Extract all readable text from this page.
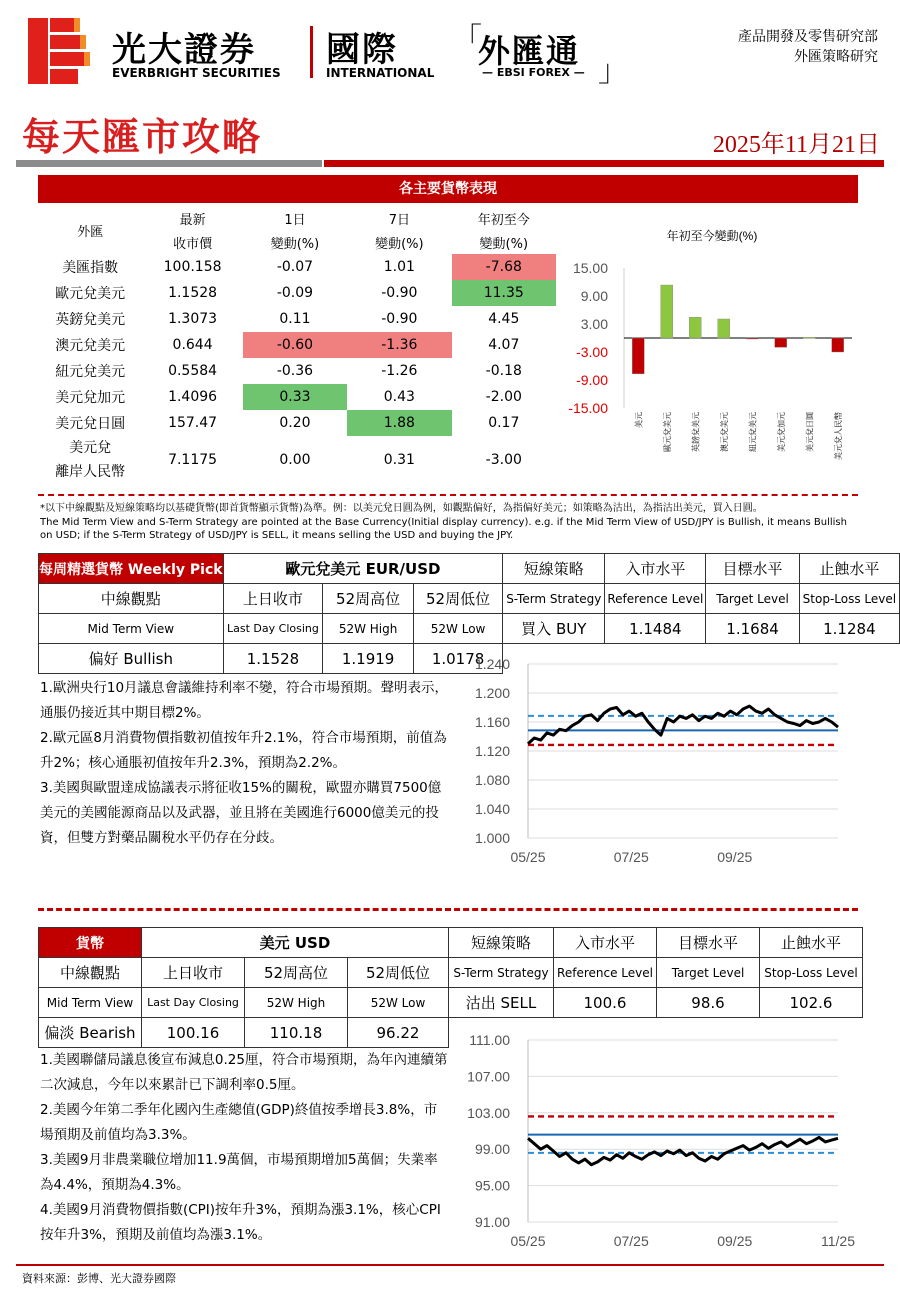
光大證券 國際
EVERBRIGHT SECURITIES	INTERNATIONAL
「
外匯通
— EBSI FOREX — 」
產品開發及零售研究部
外匯策略研究
每天匯市攻略	2025年11月21日
各主要貨幣表現
外匯	最新	1日	7日	年初至今
	收市價	變動(%)	變動(%)	變動(%)
美匯指數	100.158	-0.07	1.01	-7.68
歐元兌美元	1.1528	-0.09	-0.90	11.35
英鎊兌美元	1.3073	0.11	-0.90	4.45
澳元兌美元	0.644	-0.60	-1.36	4.07
紐元兌美元	0.5584	-0.36	-1.26	-0.18
美元兌加元	1.4096	0.33	0.43	-2.00
美元兌日圓	157.47	0.20	1.88	0.17
美元兌
離岸人民幣	7.1175	0.00	0.31	-3.00
年初至今變動(%)
15.00
9.00
3.00
-3.00
-9.00
-15.00
美元 歐元兌美元 英鎊兌美元 澳元兌美元 紐元兌美元 美元兌加元 美元兌日圓 美元兌人民幣
*以下中線觀點及短線策略均以基礎貨幣(即首貨幣顯示貨幣)為準。例：以美元兌日圓為例，如觀點偏好，為指偏好美元；如策略為沽出，為指沽出美元，買入日圓。
The Mid Term View and S-Term Strategy are pointed at the Base Currency(Initial display currency). e.g. if the Mid Term View of USD/JPY is Bullish, it means Bullish on USD; if the S-Term Strategy of USD/JPY is SELL, it means selling the USD and buying the JPY.
每周精選貨幣 Weekly Pick	歐元兌美元 EUR/USD			短線策略	入市水平	目標水平	止蝕水平
中線觀點	上日收市	52周高位	52周低位	S-Term Strategy	Reference Level	Target Level	Stop-Loss Level
Mid Term View	Last Day Closing	52W High	52W Low	買入 BUY	1.1484	1.1684	1.1284
偏好 Bullish	1.1528	1.1919	1.0178				

1.歐洲央行10月議息會議維持利率不變，符合市場預期。聲明表示，通脹仍接近其中期目標2%。

2.歐元區8月消費物價指數初值按年升2.1%，符合市場預期，前值為升2%；核心通脹初值按年升2.3%，預期為2.2%。

3.美國與歐盟達成協議表示將征收15%的關稅，歐盟亦購買7500億美元的美國能源商品以及武器，並且將在美國進行6000億美元的投資，但雙方對藥品關稅水平仍存在分歧。

1.240
1.200
1.160
1.120
1.080
1.040
1.000
05/25	07/25	09/25
貨幣	美元 USD			短線策略	入市水平	目標水平	止蝕水平
中線觀點	上日收市	52周高位	52周低位	S-Term Strategy	Reference Level	Target Level	Stop-Loss Level
Mid Term View	Last Day Closing	52W High	52W Low	沽出 SELL	100.6	98.6	102.6
偏淡 Bearish	100.16	110.18	96.22				

1.美國聯儲局議息後宣布減息0.25厘，符合市場預期，為年內連續第二次減息，今年以來累計已下調利率0.5厘。

2.美國今年第二季年化國內生產總值(GDP)終值按季增長3.8%，市場預期及前值均為3.3%。

3.美國9月非農業職位增加11.9萬個，市場預期增加5萬個；失業率為4.4%，預期為4.3%。

4.美國9月消費物價指數(CPI)按年升3%，預期為漲3.1%，核心CPI按年升3%，預期及前值均為漲3.1%。

111.00
107.00
103.00
99.00
95.00
91.00
05/25	07/25	09/25	11/25
資料來源：彭博、光大證券國際
